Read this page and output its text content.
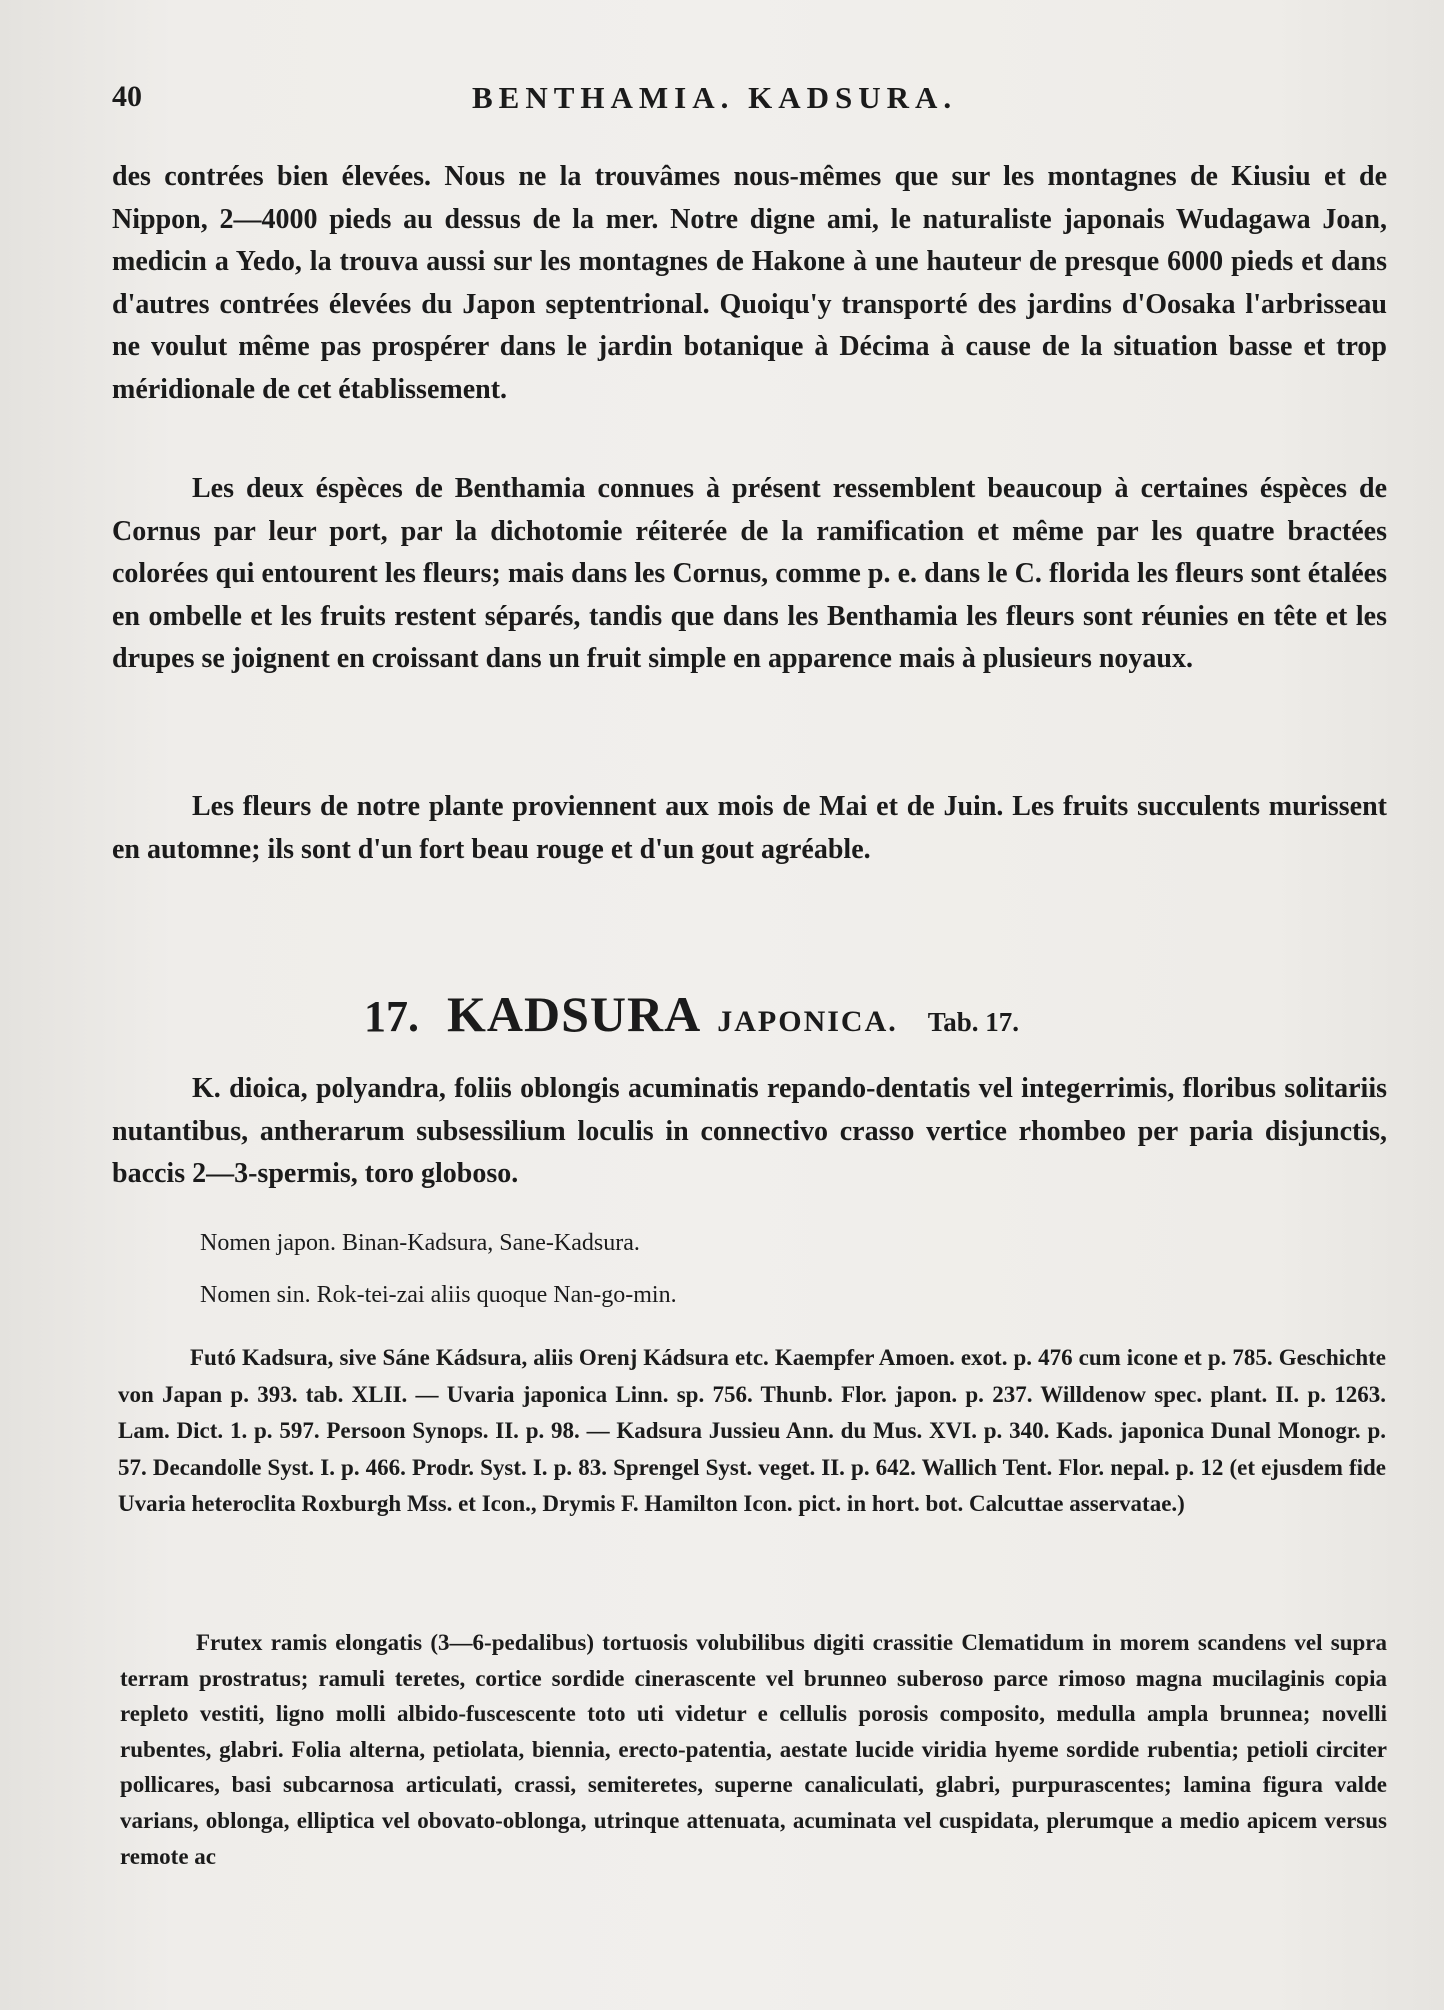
40	BENTHAMIA. KADSURA.
des contrées bien élevées. Nous ne la trouvâmes nous-mêmes que sur les montagnes de Kiusiu et de Nippon, 2—4000 pieds au dessus de la mer. Notre digne ami, le naturaliste japonais Wudagawa Joan, medicin a Yedo, la trouva aussi sur les montagnes de Hakone à une hauteur de presque 6000 pieds et dans d'autres contrées élevées du Japon septentrional. Quoiqu'y transporté des jardins d'Oosaka l'arbrisseau ne voulut même pas prospérer dans le jardin botanique à Décima à cause de la situation basse et trop méridionale de cet établissement.
Les deux éspèces de Benthamia connues à présent ressemblent beaucoup à certaines éspèces de Cornus par leur port, par la dichotomie réiterée de la ramification et même par les quatre bractées colorées qui entourent les fleurs; mais dans les Cornus, comme p. e. dans le C. florida les fleurs sont étalées en ombelle et les fruits restent séparés, tandis que dans les Benthamia les fleurs sont réunies en tête et les drupes se joignent en croissant dans un fruit simple en apparence mais à plusieurs noyaux.
Les fleurs de notre plante proviennent aux mois de Mai et de Juin. Les fruits succulents murissent en automne; ils sont d'un fort beau rouge et d'un gout agréable.
17. KADSURA JAPONICA. Tab. 17.
K. dioica, polyandra, foliis oblongis acuminatis repando-dentatis vel integerrimis, floribus solitariis nutantibus, antherarum subsessilium loculis in connectivo crasso vertice rhombeo per paria disjunctis, baccis 2—3-spermis, toro globoso.
Nomen japon. Binan-Kadsura, Sane-Kadsura.
Nomen sin. Rok-tei-zai aliis quoque Nan-go-min.
Futó Kadsura, sive Sáne Kádsura, aliis Orenj Kádsura etc. Kaempfer Amoen. exot. p. 476 cum icone et p. 785. Geschichte von Japan p. 393. tab. XLII. — Uvaria japonica Linn. sp. 756. Thunb. Flor. japon. p. 237. Willdenow spec. plant. II. p. 1263. Lam. Dict. 1. p. 597. Persoon Synops. II. p. 98. — Kadsura Jussieu Ann. du Mus. XVI. p. 340. Kads. japonica Dunal Monogr. p. 57. Decandolle Syst. I. p. 466. Prodr. Syst. I. p. 83. Sprengel Syst. veget. II. p. 642. Wallich Tent. Flor. nepal. p. 12 (et ejusdem fide Uvaria heteroclita Roxburgh Mss. et Icon., Drymis F. Hamilton Icon. pict. in hort. bot. Calcuttae asservatae.)
Frutex ramis elongatis (3—6-pedalibus) tortuosis volubilibus digiti crassitie Clematidum in morem scandens vel supra terram prostratus; ramuli teretes, cortice sordide cinerascente vel brunneo suberoso parce rimoso magna mucilaginis copia repleto vestiti, ligno molli albido-fuscescente toto uti videtur e cellulis porosis composito, medulla ampla brunnea; novelli rubentes, glabri. Folia alterna, petiolata, biennia, erecto-patentia, aestate lucide viridia hyeme sordide rubentia; petioli circiter pollicares, basi subcarnosa articulati, crassi, semiteretes, superne canaliculati, glabri, purpurascentes; lamina figura valde varians, oblonga, elliptica vel obovato-oblonga, utrinque attenuata, acuminata vel cuspidata, plerumque a medio apicem versus remote ac
